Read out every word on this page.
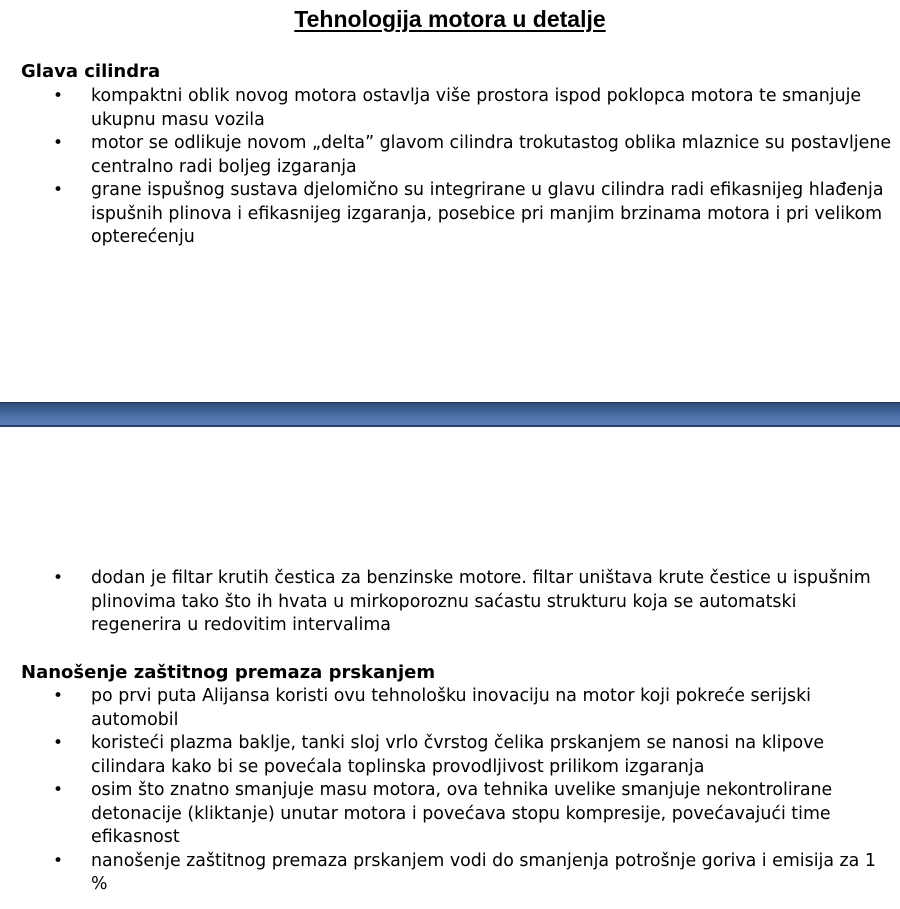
Tehnologija motora u detalje
Glava cilindra
• kompaktni oblik novog motora ostavlja više prostora ispod poklopca motora te smanjuje ukupnu masu vozila
• motor se odlikuje novom „delta” glavom cilindra trokutastog oblika mlaznice su postavljene centralno radi boljeg izgaranja
• grane ispušnog sustava djelomično su integrirane u glavu cilindra radi efikasnijeg hlađenja ispušnih plinova i efikasnijeg izgaranja, posebice pri manjim brzinama motora i pri velikom opterećenju
• dodan je filtar krutih čestica za benzinske motore. filtar uništava krute čestice u ispušnim plinovima tako što ih hvata u mirkoporoznu saćastu strukturu koja se automatski regenerira u redovitim intervalima
Nanošenje zaštitnog premaza prskanjem
• po prvi puta Alijansa koristi ovu tehnološku inovaciju na motor koji pokreće serijski automobil
• koristeći plazma baklje, tanki sloj vrlo čvrstog čelika prskanjem se nanosi na klipove cilindara kako bi se povećala toplinska provodljivost prilikom izgaranja
• osim što znatno smanjuje masu motora, ova tehnika uvelike smanjuje nekontrolirane detonacije (kliktanje) unutar motora i povećava stopu kompresije, povećavajući time efikasnost
• nanošenje zaštitnog premaza prskanjem vodi do smanjenja potrošnje goriva i emisija za 1 %
